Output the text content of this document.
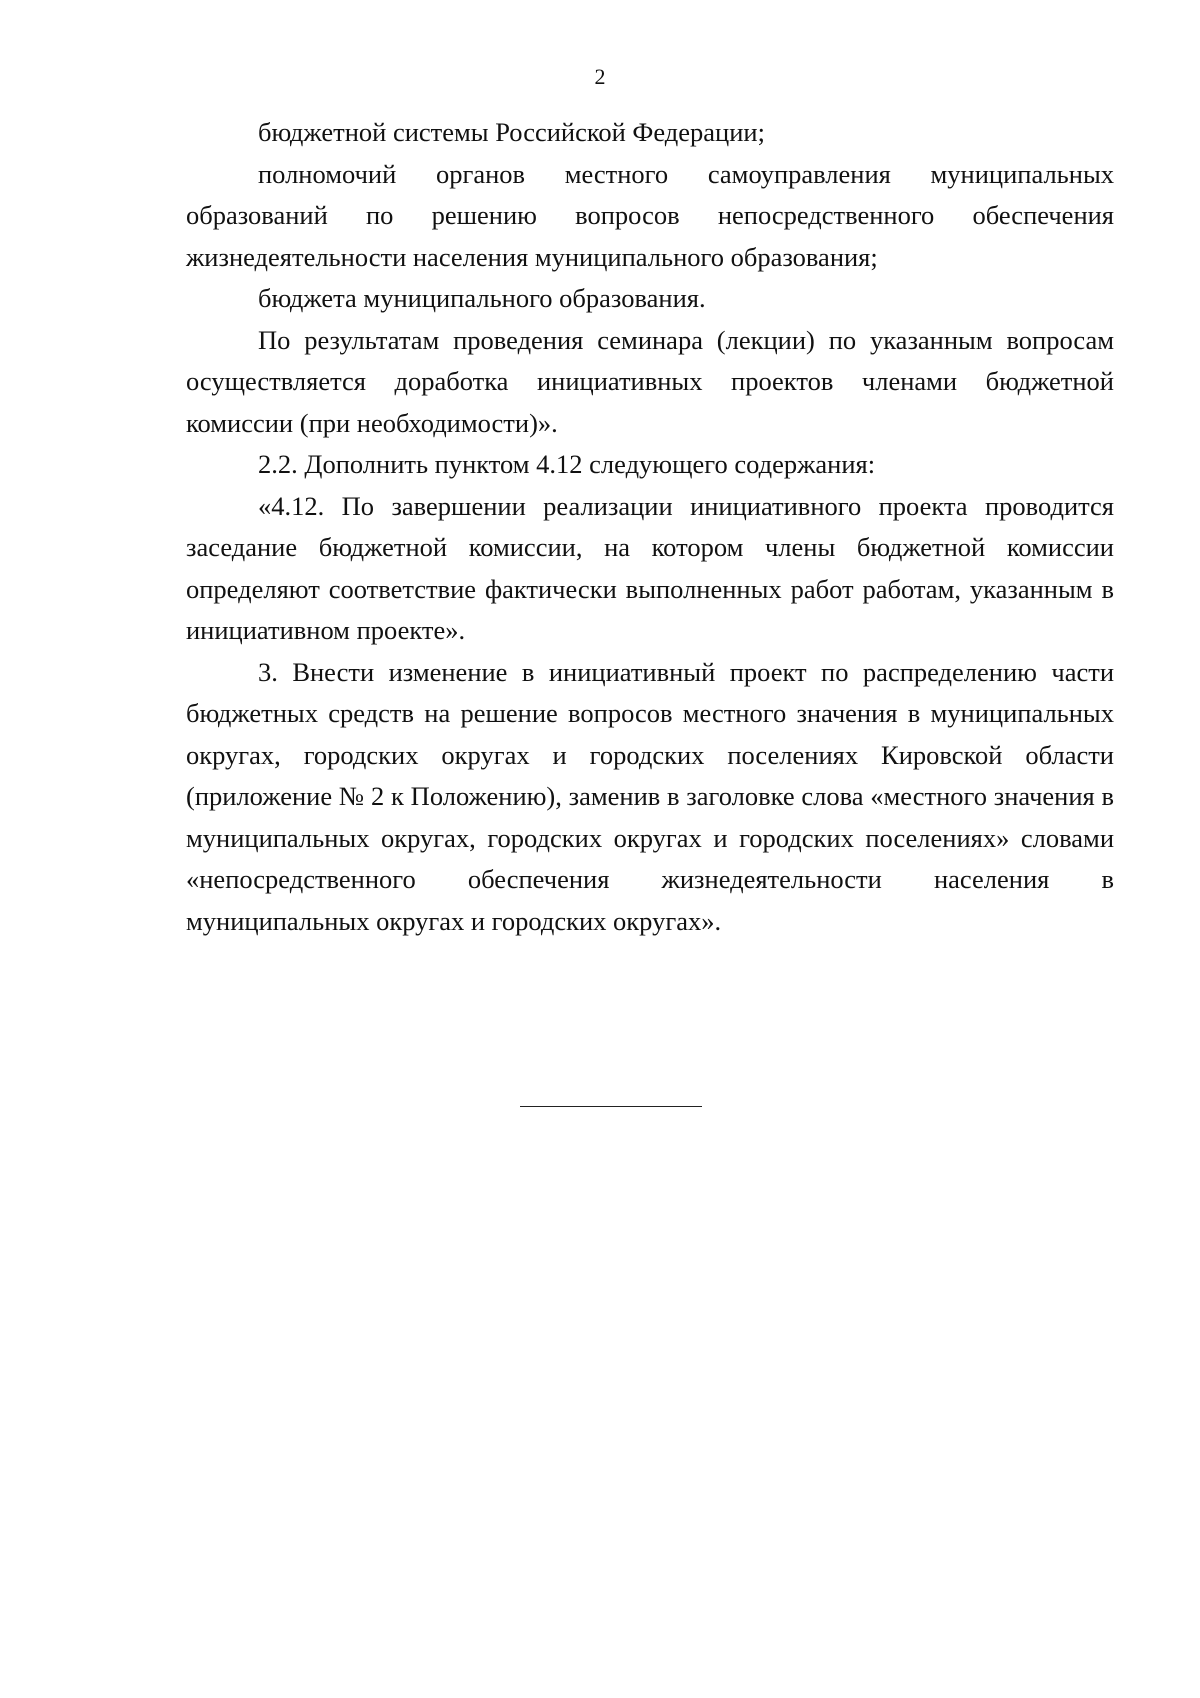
2

бюджетной системы Российской Федерации;

полномочий органов местного самоуправления муниципальных образований по решению вопросов непосредственного обеспечения жизнедеятельности населения муниципального образования;

бюджета муниципального образования.

По результатам проведения семинара (лекции) по указанным вопросам осуществляется доработка инициативных проектов членами бюджетной комиссии (при необходимости)».

2.2. Дополнить пунктом 4.12 следующего содержания:

«4.12. По завершении реализации инициативного проекта проводится заседание бюджетной комиссии, на котором члены бюджетной комиссии определяют соответствие фактически выполненных работ работам, указанным в инициативном проекте».

3. Внести изменение в инициативный проект по распределению части бюджетных средств на решение вопросов местного значения в муниципальных округах, городских округах и городских поселениях Кировской области (приложение № 2 к Положению), заменив в заголовке слова «местного значения в муниципальных округах, городских округах и городских поселениях» словами «непосредственного обеспечения жизнедеятельности населения в муниципальных округах и городских округах».
